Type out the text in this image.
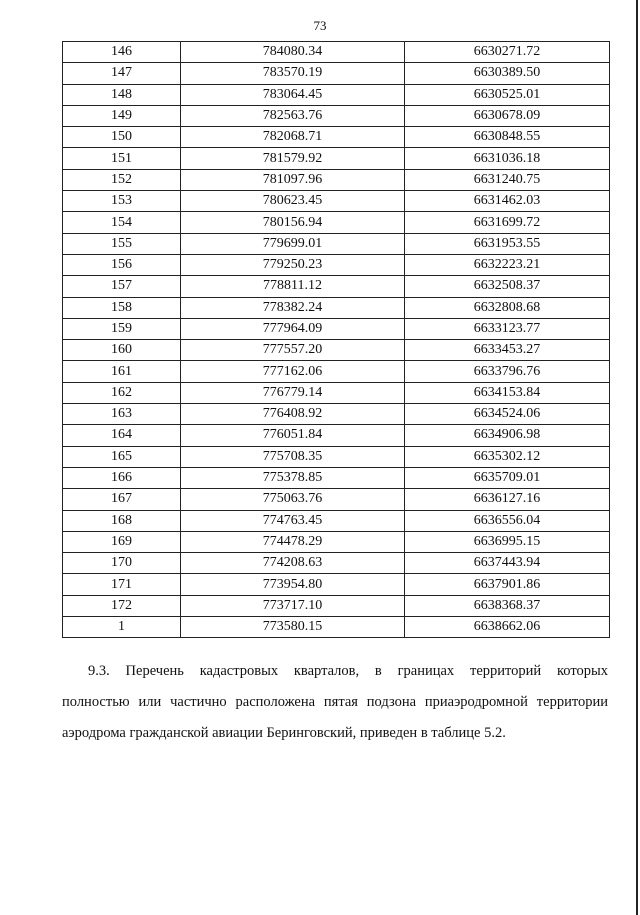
73
146	784080.34	6630271.72
147	783570.19	6630389.50
148	783064.45	6630525.01
149	782563.76	6630678.09
150	782068.71	6630848.55
151	781579.92	6631036.18
152	781097.96	6631240.75
153	780623.45	6631462.03
154	780156.94	6631699.72
155	779699.01	6631953.55
156	779250.23	6632223.21
157	778811.12	6632508.37
158	778382.24	6632808.68
159	777964.09	6633123.77
160	777557.20	6633453.27
161	777162.06	6633796.76
162	776779.14	6634153.84
163	776408.92	6634524.06
164	776051.84	6634906.98
165	775708.35	6635302.12
166	775378.85	6635709.01
167	775063.76	6636127.16
168	774763.45	6636556.04
169	774478.29	6636995.15
170	774208.63	6637443.94
171	773954.80	6637901.86
172	773717.10	6638368.37
1	773580.15	6638662.06
9.3. Перечень кадастровых кварталов, в границах территорий которых
полностью или частично расположена пятая подзона приаэродромной территории
аэродрома гражданской авиации Беринговский, приведен в таблице 5.2.
